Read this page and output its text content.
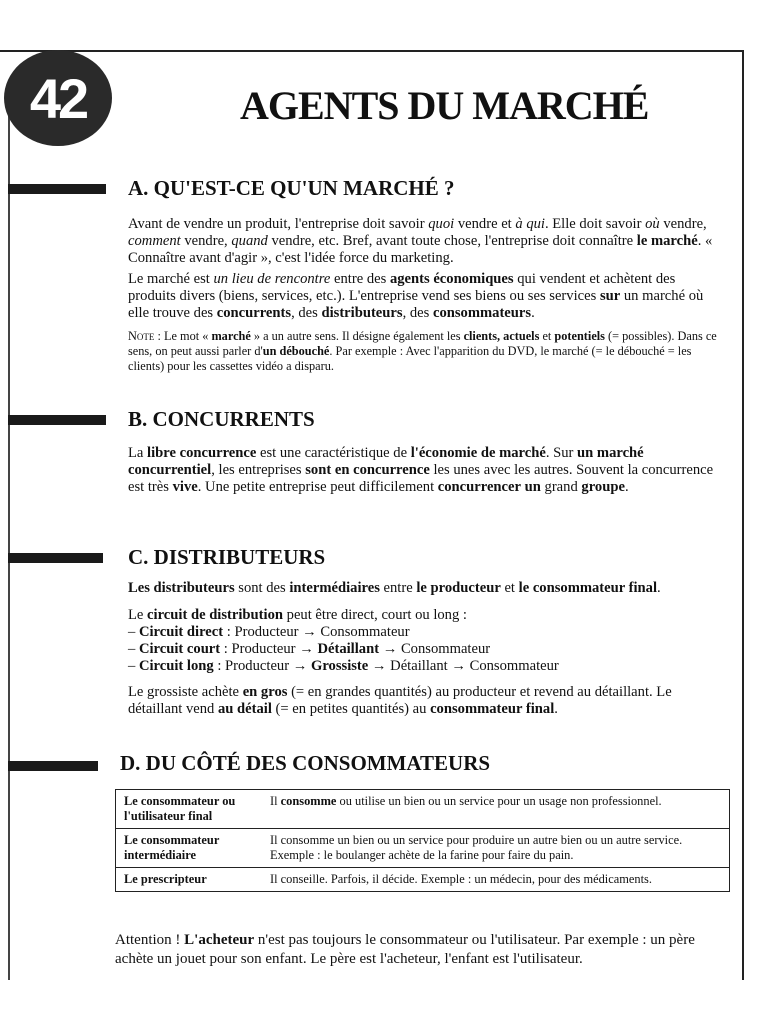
42	AGENTS DU MARCHÉ
A. QU'EST-CE QU'UN MARCHÉ ?

Avant de vendre un produit, l'entreprise doit savoir quoi vendre et à qui. Elle doit savoir où vendre, comment vendre, quand vendre, etc. Bref, avant toute chose, l'entreprise doit connaître le marché. « Connaître avant d'agir », c'est l'idée force du marketing.

Le marché est un lieu de rencontre entre des agents économiques qui vendent et achètent des produits divers (biens, services, etc.). L'entreprise vend ses biens ou ses services sur un marché où elle trouve des concurrents, des distributeurs, des consommateurs.

Note : Le mot « marché » a un autre sens. Il désigne également les clients, actuels et potentiels (= possibles). Dans ce sens, on peut aussi parler d'un débouché. Par exemple : Avec l'apparition du DVD, le marché (= le débouché = les clients) pour les cassettes vidéo a disparu.

B. CONCURRENTS

La libre concurrence est une caractéristique de l'économie de marché. Sur un marché concurrentiel, les entreprises sont en concurrence les unes avec les autres. Souvent la concurrence est très vive. Une petite entreprise peut difficilement concurrencer un grand groupe.

C. DISTRIBUTEURS

Les distributeurs sont des intermédiaires entre le producteur et le consommateur final.

Le circuit de distribution peut être direct, court ou long :

– Circuit direct : Producteur → Consommateur
– Circuit court : Producteur → Détaillant → Consommateur
– Circuit long : Producteur → Grossiste → Détaillant → Consommateur

Le grossiste achète en gros (= en grandes quantités) au producteur et revend au détaillant. Le détaillant vend au détail (= en petites quantités) au consommateur final.

D. DU CÔTÉ DES CONSOMMATEURS
Le consommateur ou l'utilisateur final	Il consomme ou utilise un bien ou un service pour un usage non professionnel.
Le consommateur intermédiaire	Il consomme un bien ou un service pour produire un autre bien ou un autre service. Exemple : le boulanger achète de la farine pour faire du pain.
Le prescripteur	Il conseille. Parfois, il décide. Exemple : un médecin, pour des médicaments.

Attention ! L'acheteur n'est pas toujours le consommateur ou l'utilisateur. Par exemple : un père achète un jouet pour son enfant. Le père est l'acheteur, l'enfant est l'utilisateur.
